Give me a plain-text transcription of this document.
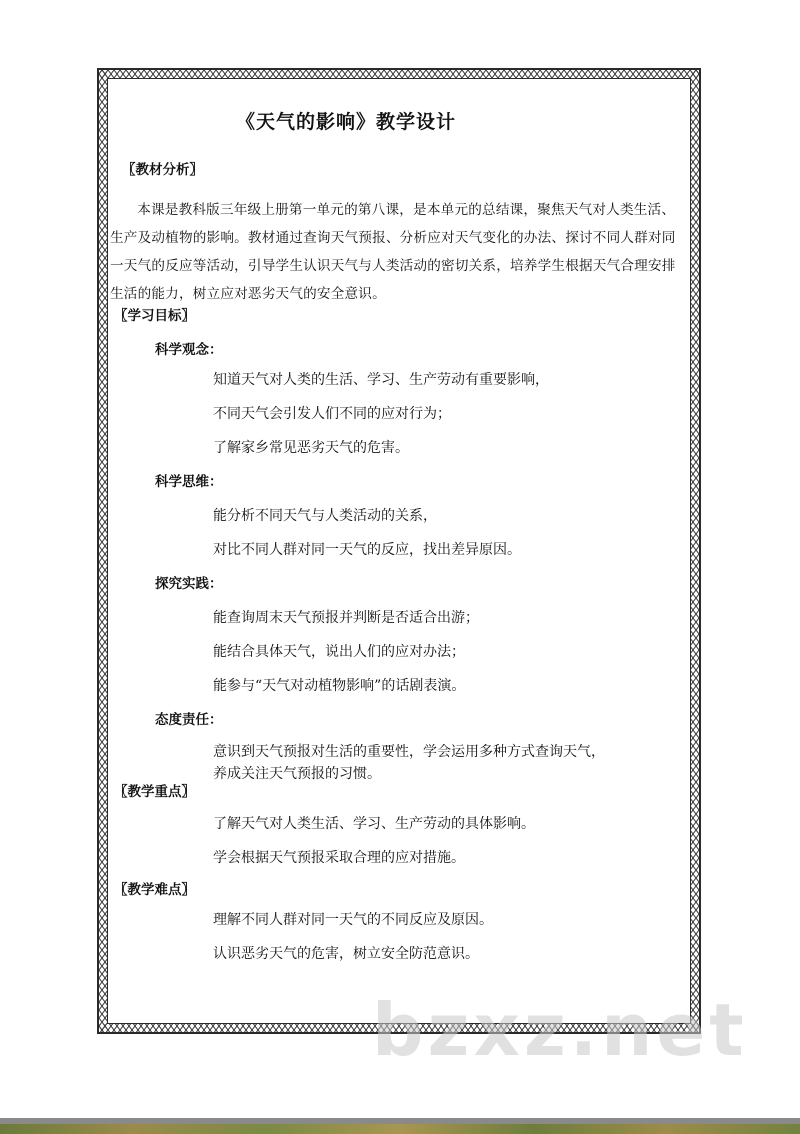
《天气的影响》教学设计
〖教材分析〗
本课是教科版三年级上册第一单元的第八课，是本单元的总结课，聚焦天气对人类生活、生产及动植物的影响。教材通过查询天气预报、分析应对天气变化的办法、探讨不同人群对同一天气的反应等活动，引导学生认识天气与人类活动的密切关系，培养学生根据天气合理安排生活的能力，树立应对恶劣天气的安全意识。
〖学习目标〗
科学观念：
知道天气对人类的生活、学习、生产劳动有重要影响，
不同天气会引发人们不同的应对行为；
了解家乡常见恶劣天气的危害。
科学思维：
能分析不同天气与人类活动的关系，
对比不同人群对同一天气的反应，找出差异原因。
探究实践：
能查询周末天气预报并判断是否适合出游；
能结合具体天气，说出人们的应对办法；
能参与“天气对动植物影响”的话剧表演。
态度责任：
意识到天气预报对生活的重要性，学会运用多种方式查询天气，
养成关注天气预报的习惯。
〖教学重点〗
了解天气对人类生活、学习、生产劳动的具体影响。
学会根据天气预报采取合理的应对措施。
〖教学难点〗
理解不同人群对同一天气的不同反应及原因。
认识恶劣天气的危害，树立安全防范意识。
bzxz.net
